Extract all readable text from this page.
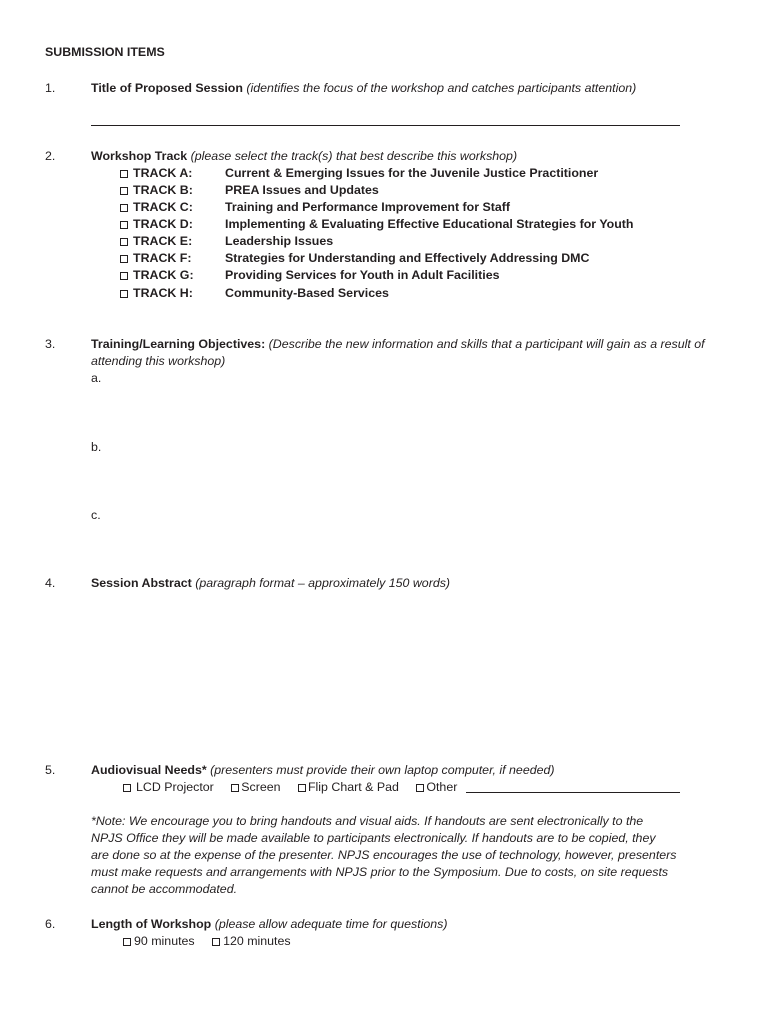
SUBMISSION ITEMS
1.	Title of Proposed Session (identifies the focus of the workshop and catches participants attention)
2.	Workshop Track (please select the track(s) that best describe this workshop)
TRACK A:	Current & Emerging Issues for the Juvenile Justice Practitioner
TRACK B:	PREA Issues and Updates
TRACK C:	Training and Performance Improvement for Staff
TRACK D:	Implementing & Evaluating Effective Educational Strategies for Youth
TRACK E:	Leadership Issues
TRACK F:	Strategies for Understanding and Effectively Addressing DMC
TRACK G:	Providing Services for Youth in Adult Facilities
TRACK H:	Community-Based Services
3.	Training/Learning Objectives: (Describe the new information and skills that a participant will gain as a result of
attending this workshop)
a.
b.
c.
4.	Session Abstract (paragraph format – approximately 150 words)
5.	Audiovisual Needs* (presenters must provide their own laptop computer, if needed)
LCD Projector Screen Flip Chart & Pad Other
*Note: We encourage you to bring handouts and visual aids. If handouts are sent electronically to the
NPJS Office they will be made available to participants electronically. If handouts are to be copied, they
are done so at the expense of the presenter. NPJS encourages the use of technology, however, presenters
must make requests and arrangements with NPJS prior to the Symposium. Due to costs, on site requests
cannot be accommodated.
6.	Length of Workshop (please allow adequate time for questions)
90 minutes 120 minutes
